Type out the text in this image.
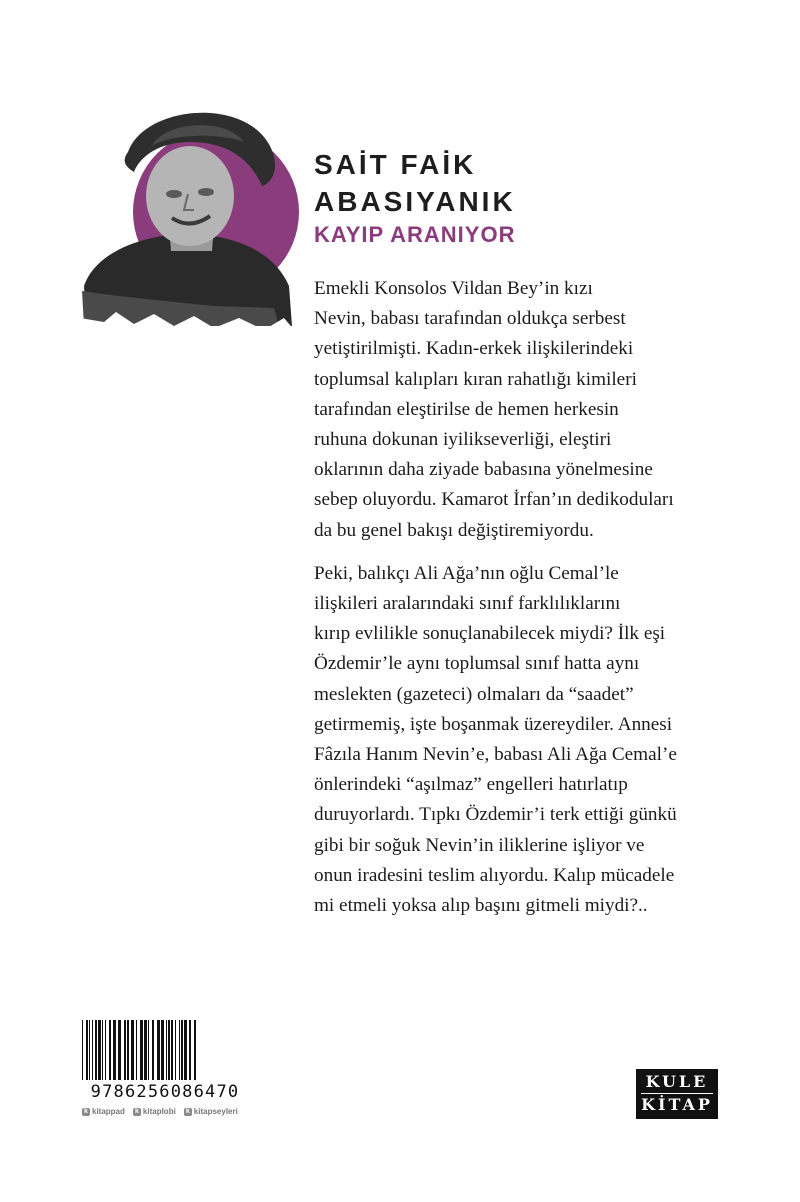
SAİT FAİK
ABASIYANIK
KAYIP ARANIYOR

Emekli Konsolos Vildan Bey’in kızı
Nevin, babası tarafından oldukça serbest
yetiştirilmişti. Kadın-erkek ilişkilerindeki
toplumsal kalıpları kıran rahatlığı kimileri
tarafından eleştirilse de hemen herkesin
ruhuna dokunan iyilikseverliği, eleştiri
oklarının daha ziyade babasına yönelmesine
sebep oluyordu. Kamarot İrfan’ın dedikoduları
da bu genel bakışı değiştiremiyordu.

Peki, balıkçı Ali Ağa’nın oğlu Cemal’le
ilişkileri aralarındaki sınıf farklılıklarını
kırıp evlilikle sonuçlanabilecek miydi? İlk eşi
Özdemir’le aynı toplumsal sınıf hatta aynı
meslekten (gazeteci) olmaları da “saadet”
getirmemiş, işte boşanmak üzereydiler. Annesi
Fâzıla Hanım Nevin’e, babası Ali Ağa Cemal’e
önlerindeki “aşılmaz” engelleri hatırlatıp
duruyorlardı. Tıpkı Özdemir’i terk ettiği günkü
gibi bir soğuk Nevin’in iliklerine işliyor ve
onun iradesini teslim alıyordu. Kalıp mücadele
mi etmeli yoksa alıp başını gitmeli miydi?..

9786256086470
k kitappad k kitaplobi k kitapseyleri
KULE
KİTAP
